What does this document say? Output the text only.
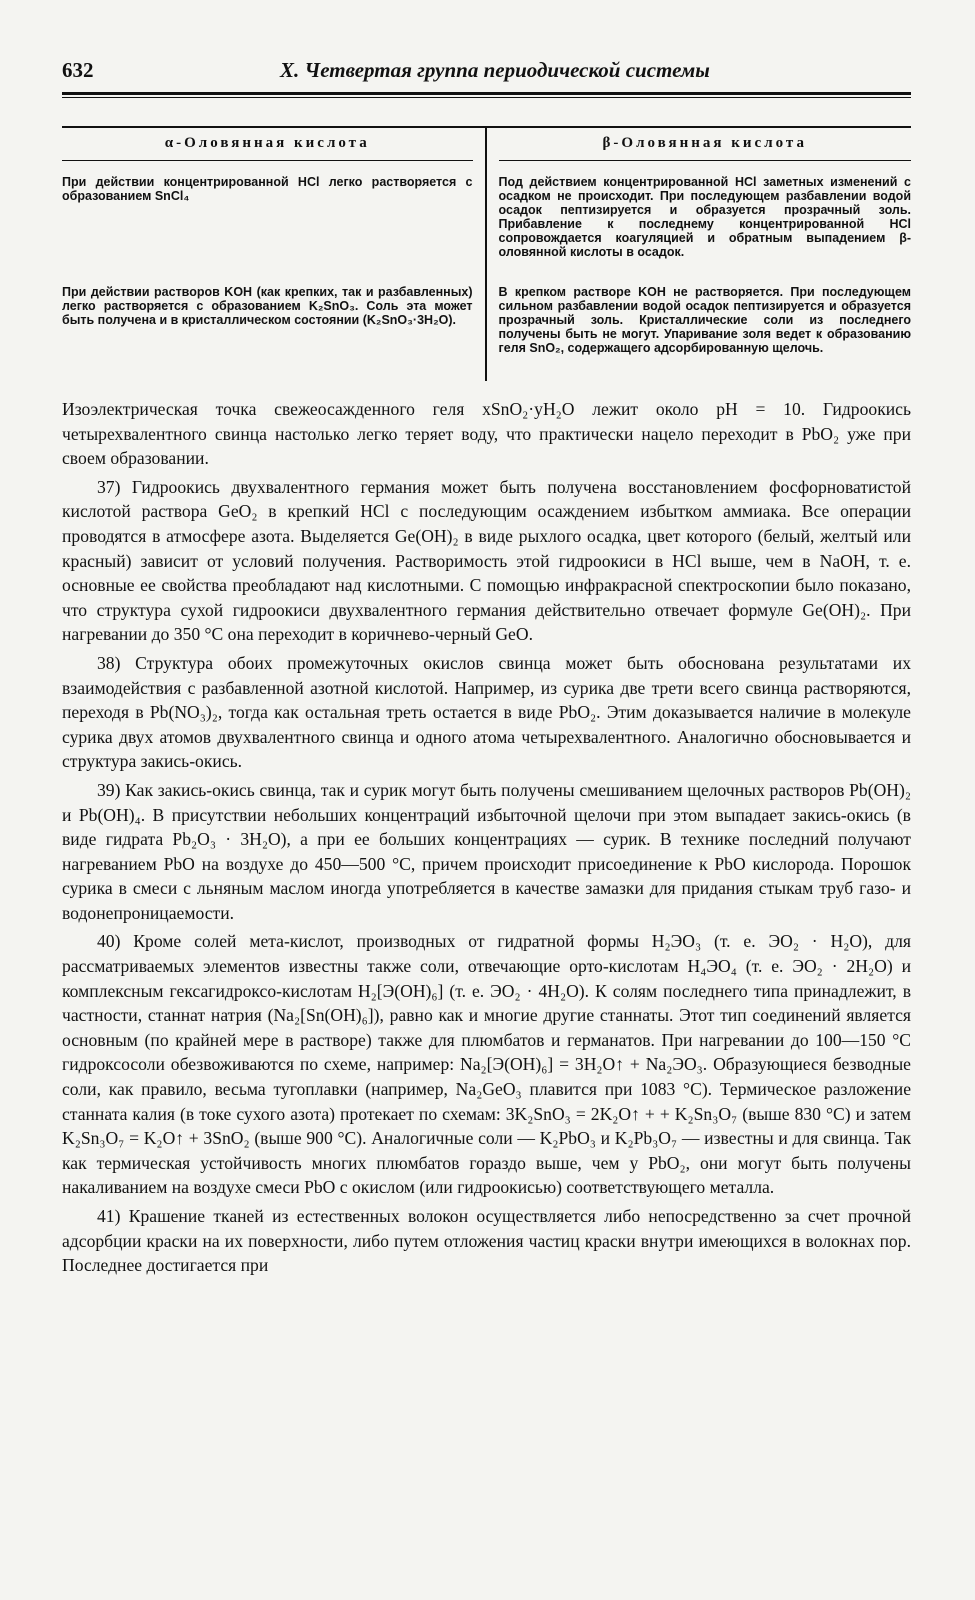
632	X. Четвертая группа периодической системы
α-Оловянная кислота

При действии концентрированной HCl легко растворяется с образованием SnCl₄

При действии растворов KOH (как крепких, так и разбавленных) легко растворяется с образованием K₂SnO₃. Соль эта может быть получена и в кристаллическом состоянии (K₂SnO₃·3H₂O).

β-Оловянная кислота

Под действием концентрированной HCl заметных изменений с осадком не происходит. При последующем разбавлении водой осадок пептизируется и образуется прозрачный золь. Прибавление к последнему концентрированной HCl сопровождается коагуляцией и обратным выпадением β-оловянной кислоты в осадок.

В крепком растворе KOH не растворяется. При последующем сильном разбавлении водой осадок пептизируется и образуется прозрачный золь. Кристаллические соли из последнего получены быть не могут. Упаривание золя ведет к образованию геля SnO₂, содержащего адсорбированную щелочь.

Изоэлектрическая точка свежеосажденного геля xSnO₂·yH₂O лежит около pH = 10. Гидроокись четырехвалентного свинца настолько легко теряет воду, что практически нацело переходит в PbO₂ уже при своем образовании.

37) Гидроокись двухвалентного германия может быть получена восстановлением фосфорноватистой кислотой раствора GeO₂ в крепкий HCl с последующим осаждением избытком аммиака. Все операции проводятся в атмосфере азота. Выделяется Ge(OH)₂ в виде рыхлого осадка, цвет которого (белый, желтый или красный) зависит от условий получения. Растворимость этой гидроокиси в HCl выше, чем в NaOH, т. е. основные ее свойства преобладают над кислотными. С помощью инфракрасной спектроскопии было показано, что структура сухой гидроокиси двухвалентного германия действительно отвечает формуле Ge(OH)₂. При нагревании до 350 °C она переходит в коричнево-черный GeO.

38) Структура обоих промежуточных окислов свинца может быть обоснована результатами их взаимодействия с разбавленной азотной кислотой. Например, из сурика две трети всего свинца растворяются, переходя в Pb(NO₃)₂, тогда как остальная треть остается в виде PbO₂. Этим доказывается наличие в молекуле сурика двух атомов двухвалентного свинца и одного атома четырехвалентного. Аналогично обосновывается и структура закись-окись.

39) Как закись-окись свинца, так и сурик могут быть получены смешиванием щелочных растворов Pb(OH)₂ и Pb(OH)₄. В присутствии небольших концентраций избыточной щелочи при этом выпадает закись-окись (в виде гидрата Pb₂O₃ · 3H₂O), а при ее больших концентрациях — сурик. В технике последний получают нагреванием PbO на воздухе до 450—500 °C, причем происходит присоединение к PbO кислорода. Порошок сурика в смеси с льняным маслом иногда употребляется в качестве замазки для придания стыкам труб газо- и водонепроницаемости.

40) Кроме солей мета-кислот, производных от гидратной формы H₂ЭO₃ (т. е. ЭO₂ · H₂O), для рассматриваемых элементов известны также соли, отвечающие орто-кислотам H₄ЭO₄ (т. е. ЭO₂ · 2H₂O) и комплексным гексагидроксо-кислотам H₂[Э(OH)₆] (т. е. ЭO₂ · 4H₂O). К солям последнего типа принадлежит, в частности, станнат натрия (Na₂[Sn(OH)₆]), равно как и многие другие станнаты. Этот тип соединений является основным (по крайней мере в растворе) также для плюмбатов и германатов. При нагревании до 100—150 °C гидроксосоли обезвоживаются по схеме, например: Na₂[Э(OH)₆] = 3H₂O↑ + Na₂ЭO₃. Образующиеся безводные соли, как правило, весьма тугоплавки (например, Na₂GeO₃ плавится при 1083 °C). Термическое разложение станната калия (в токе сухого азота) протекает по схемам: 3K₂SnO₃ = 2K₂O↑ + + K₂Sn₃O₇ (выше 830 °C) и затем K₂Sn₃O₇ = K₂O↑ + 3SnO₂ (выше 900 °C). Аналогичные соли — K₂PbO₃ и K₂Pb₃O₇ — известны и для свинца. Так как термическая устойчивость многих плюмбатов гораздо выше, чем у PbO₂, они могут быть получены накаливанием на воздухе смеси PbO с окислом (или гидроокисью) соответствующего металла.

41) Крашение тканей из естественных волокон осуществляется либо непосредственно за счет прочной адсорбции краски на их поверхности, либо путем отложения частиц краски внутри имеющихся в волокнах пор. Последнее достигается при
